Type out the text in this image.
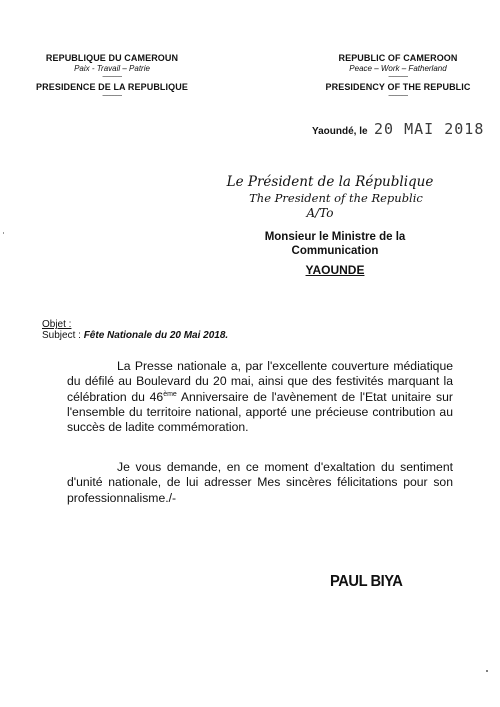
REPUBLIQUE DU CAMEROUN
Paix - Travail – Patrie
-------------
PRESIDENCE DE LA REPUBLIQUE
-------------
REPUBLIC OF CAMEROON
Peace – Work – Fatherland
-------------
PRESIDENCY OF THE REPUBLIC
-------------
Yaoundé, le 20 MAI 2018
Le Président de la République
The President of the Republic
A/To
Monsieur le Ministre de la
Communication
YAOUNDE
Objet :
Subject : Fête Nationale du 20 Mai 2018.
La Presse nationale a, par l'excellente couverture médiatique du défilé au Boulevard du 20 mai, ainsi que des festivités marquant la célébration du 46ème Anniversaire de l'avènement de l'Etat unitaire sur l'ensemble du territoire national, apporté une précieuse contribution au succès de ladite commémoration.
Je vous demande, en ce moment d'exaltation du sentiment d'unité nationale, de lui adresser Mes sincères félicitations pour son professionnalisme./-
PAUL BIYA
